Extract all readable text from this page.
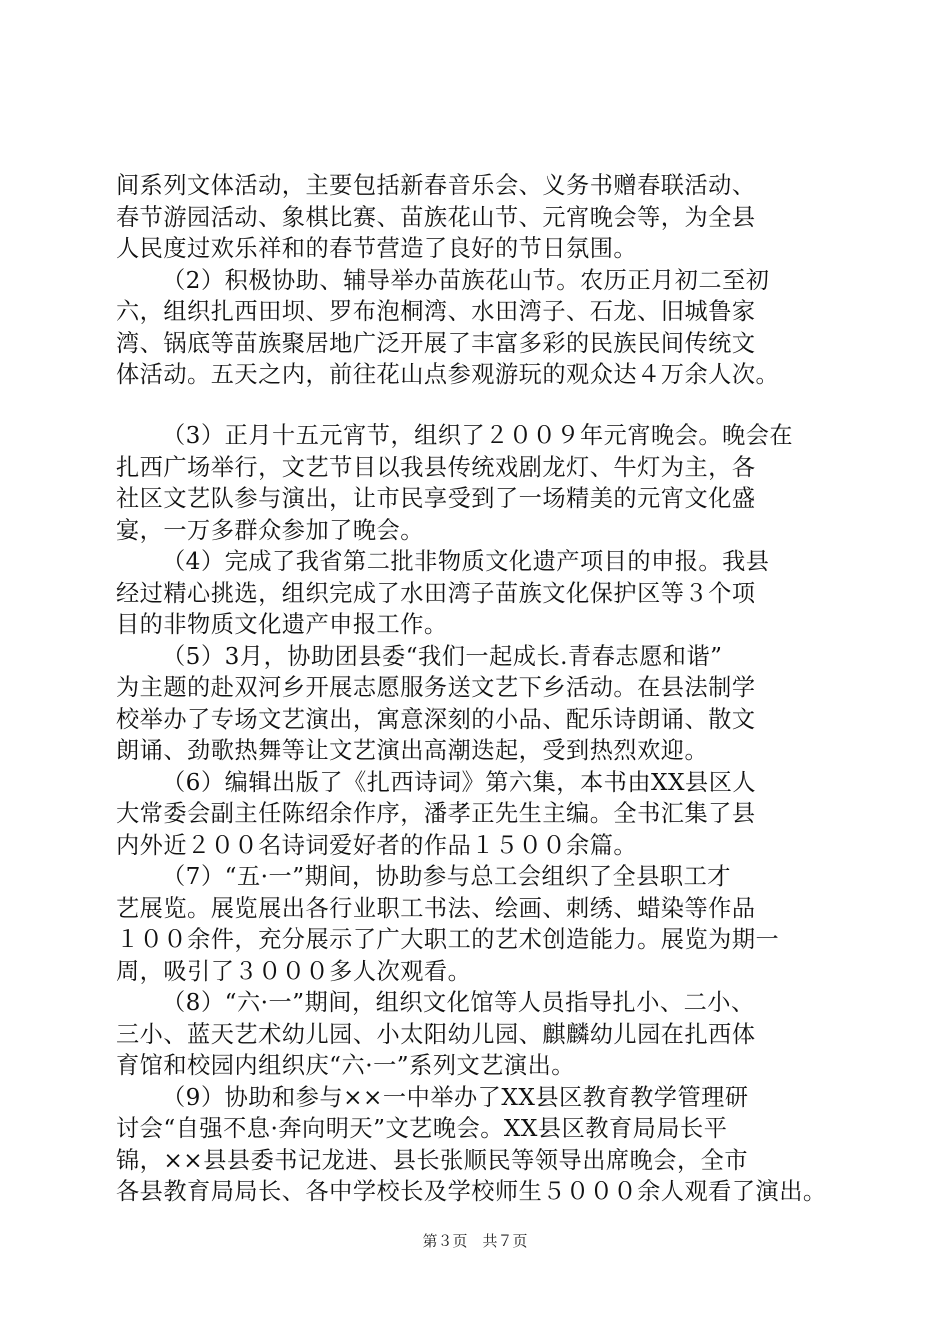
间系列文体活动，主要包括新春音乐会、义务书赠春联活动、
春节游园活动、象棋比赛、苗族花山节、元宵晚会等，为全县
人民度过欢乐祥和的春节营造了良好的节日氛围。
（2）积极协助、辅导举办苗族花山节。农历正月初二至初
六，组织扎西田坝、罗布泡桐湾、水田湾子、石龙、旧城鲁家
湾、锅底等苗族聚居地广泛开展了丰富多彩的民族民间传统文
体活动。五天之内，前往花山点参观游玩的观众达４万余人次。
（3）正月十五元宵节，组织了２００９年元宵晚会。晚会在
扎西广场举行，文艺节目以我县传统戏剧龙灯、牛灯为主，各
社区文艺队参与演出，让市民享受到了一场精美的元宵文化盛
宴，一万多群众参加了晚会。
（4）完成了我省第二批非物质文化遗产项目的申报。我县
经过精心挑选，组织完成了水田湾子苗族文化保护区等３个项
目的非物质文化遗产申报工作。
（5）3月，协助团县委“我们一起成长.青春志愿和谐”
为主题的赴双河乡开展志愿服务送文艺下乡活动。在县法制学
校举办了专场文艺演出，寓意深刻的小品、配乐诗朗诵、散文
朗诵、劲歌热舞等让文艺演出高潮迭起，受到热烈欢迎。
（6）编辑出版了《扎西诗词》第六集，本书由XX县区人
大常委会副主任陈绍余作序，潘孝正先生主编。全书汇集了县
内外近２００名诗词爱好者的作品１５００余篇。
（7）“五·一”期间，协助参与总工会组织了全县职工才
艺展览。展览展出各行业职工书法、绘画、刺绣、蜡染等作品
１００余件，充分展示了广大职工的艺术创造能力。展览为期一
周，吸引了３０００多人次观看。
（8）“六·一”期间，组织文化馆等人员指导扎小、二小、
三小、蓝天艺术幼儿园、小太阳幼儿园、麒麟幼儿园在扎西体
育馆和校园内组织庆“六·一”系列文艺演出。
（9）协助和参与××一中举办了XX县区教育教学管理研
讨会“自强不息·奔向明天”文艺晚会。XX县区教育局局长平
锦，××县县委书记龙进、县长张顺民等领导出席晚会，全市
各县教育局局长、各中学校长及学校师生５０００余人观看了演出。
第３页　共７页
